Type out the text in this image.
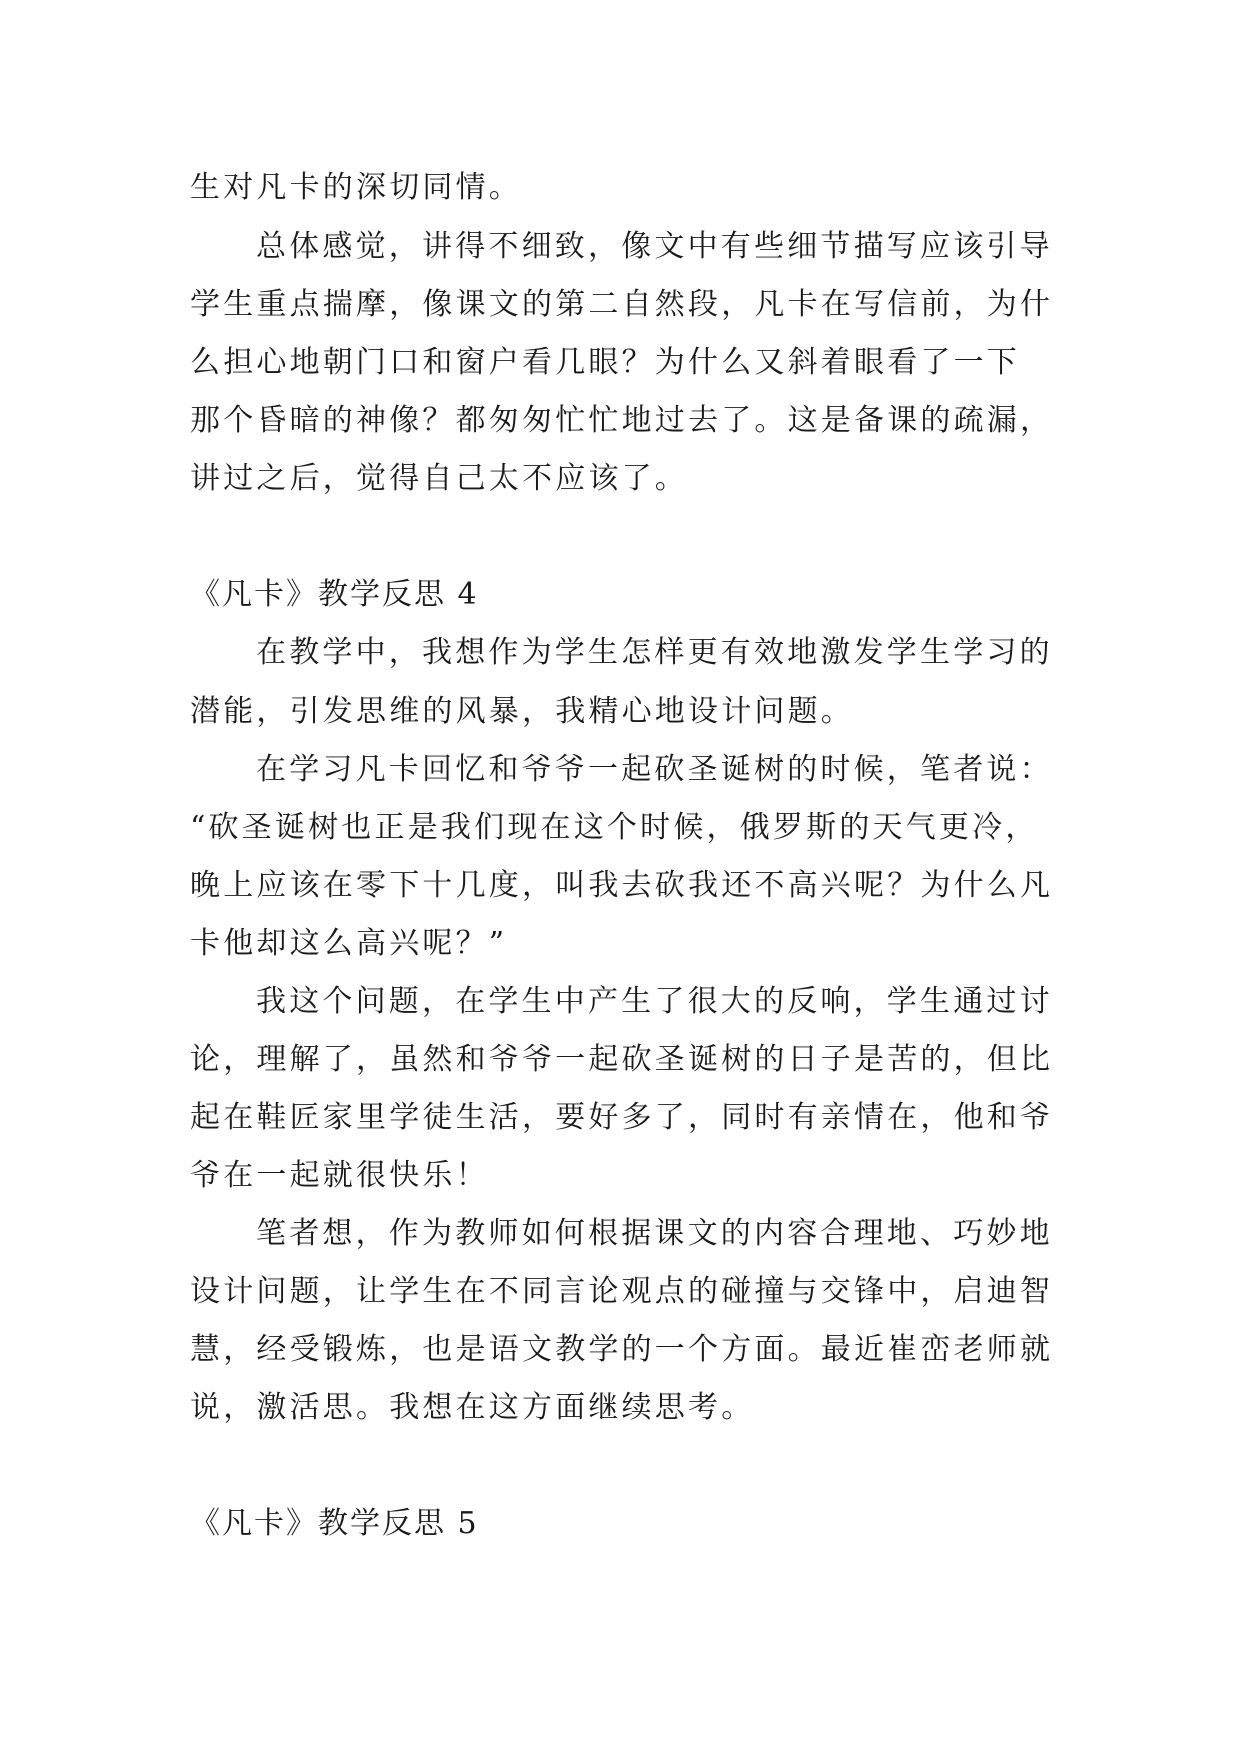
生对凡卡的深切同情。
总体感觉，讲得不细致，像文中有些细节描写应该引导
学生重点揣摩，像课文的第二自然段，凡卡在写信前，为什
么担心地朝门口和窗户看几眼？为什么又斜着眼看了一下
那个昏暗的神像？都匆匆忙忙地过去了。这是备课的疏漏，
讲过之后，觉得自己太不应该了。
《凡卡》教学反思 4
在教学中，我想作为学生怎样更有效地激发学生学习的
潜能，引发思维的风暴，我精心地设计问题。
在学习凡卡回忆和爷爷一起砍圣诞树的时候，笔者说：
“砍圣诞树也正是我们现在这个时候，俄罗斯的天气更冷，
晚上应该在零下十几度，叫我去砍我还不高兴呢？为什么凡
卡他却这么高兴呢？”
我这个问题，在学生中产生了很大的反响，学生通过讨
论，理解了，虽然和爷爷一起砍圣诞树的日子是苦的，但比
起在鞋匠家里学徒生活，要好多了，同时有亲情在，他和爷
爷在一起就很快乐！
笔者想，作为教师如何根据课文的内容合理地、巧妙地
设计问题，让学生在不同言论观点的碰撞与交锋中，启迪智
慧，经受锻炼，也是语文教学的一个方面。最近崔峦老师就
说，激活思。我想在这方面继续思考。
《凡卡》教学反思 5
